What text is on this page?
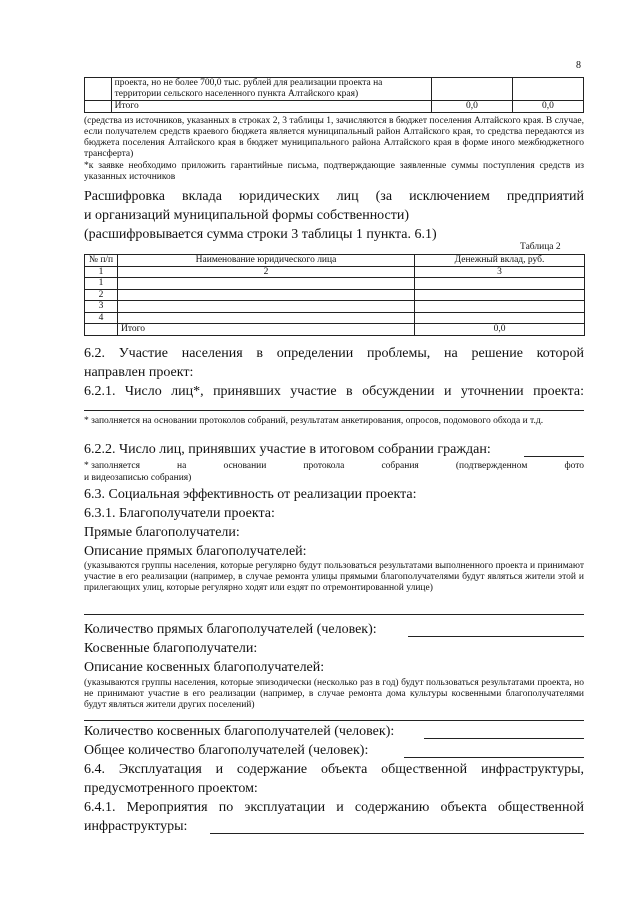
8
	проекта, но не более 700,0 тыс. рублей для реализации проекта на территории сельского населенного пункта Алтайского края)		
	Итого	0,0	0,0
(средства из источников, указанных в строках 2, 3 таблицы 1, зачисляются в бюджет поселения Алтайского края. В случае, если получателем средств краевого бюджета является муниципальный район Алтайского края, то средства передаются из бюджета поселения Алтайского края в бюджет муниципального района Алтайского края в форме иного межбюджетного трансферта)
*к заявке необходимо приложить гарантийные письма, подтверждающие заявленные суммы поступления средств из указанных источников
Расшифровка вклада юридических лиц (за исключением предприятий
и организаций муниципальной формы собственности)
(расшифровывается сумма строки 3 таблицы 1 пункта. 6.1)
Таблица 2
№ п/п	Наименование юридического лица	Денежный вклад, руб.
1	2	3
1		
2		
3		
4		
	Итого	0,0
6.2. Участие населения в определении проблемы, на решение которой
направлен проект:
6.2.1. Число лиц*, принявших участие в обсуждении и уточнении проекта:
* заполняется на основании протоколов собраний, результатам анкетирования, опросов, подомового обхода и т.д.
6.2.2. Число лиц, принявших участие в итоговом собрании граждан:
* заполняется	на	основании	протокола	собрания	(подтвержденном	фото
и видеозаписью собрания)
6.3. Социальная эффективность от реализации проекта:
6.3.1. Благополучатели проекта:
Прямые благополучатели:
Описание прямых благополучателей:
(указываются группы населения, которые регулярно будут пользоваться результатами выполненного проекта и принимают участие в его реализации (например, в случае ремонта улицы прямыми благополучателями будут являться жители этой и прилегающих улиц, которые регулярно ходят или ездят по отремонтированной улице)
Количество прямых благополучателей (человек):
Косвенные благополучатели:
Описание косвенных благополучателей:
(указываются группы населения, которые эпизодически (несколько раз в год) будут пользоваться результатами проекта, но не принимают участие в его реализации (например, в случае ремонта дома культуры косвенными благополучателями будут являться жители других поселений)
Количество косвенных благополучателей (человек):
Общее количество благополучателей (человек):
6.4. Эксплуатация и содержание объекта общественной инфраструктуры,
предусмотренного проектом:
6.4.1. Мероприятия по эксплуатации и содержанию объекта общественной
инфраструктуры:
